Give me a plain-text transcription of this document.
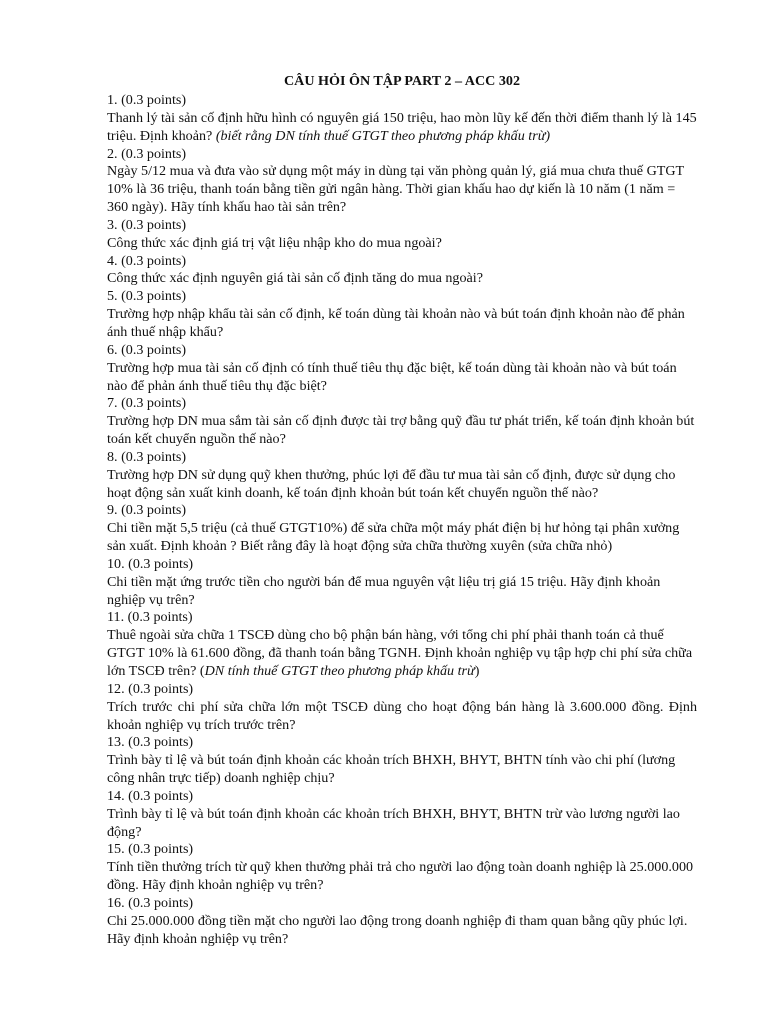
CÂU HỎI ÔN TẬP PART 2 – ACC 302
1. (0.3 points)
Thanh lý tài sản cố định hữu hình có nguyên giá 150 triệu, hao mòn lũy kế đến thời điểm thanh lý là 145 triệu. Định khoản? (biết rằng DN tính thuế GTGT theo phương pháp khấu trừ)
2. (0.3 points)
Ngày 5/12 mua và đưa vào sử dụng một máy in dùng tại văn phòng quản lý, giá mua chưa thuế GTGT 10% là 36 triệu, thanh toán bằng tiền gửi ngân hàng. Thời gian khấu hao dự kiến là 10 năm (1 năm = 360 ngày). Hãy tính khấu hao tài sản trên?
3. (0.3 points)
Công thức xác định giá trị vật liệu nhập kho do mua ngoài?
4. (0.3 points)
Công thức xác định nguyên giá tài sản cố định tăng do mua ngoài?
5. (0.3 points)
Trường hợp nhập khẩu tài sản cố định, kế toán dùng tài khoản nào và bút toán định khoản nào để phản ánh thuế nhập khẩu?
6. (0.3 points)
Trường hợp mua tài sản cố định có tính thuế tiêu thụ đặc biệt, kế toán dùng tài khoản nào và bút toán nào để phản ánh thuế tiêu thụ đặc biệt?
7. (0.3 points)
Trường hợp DN mua sắm tài sản cố định được tài trợ bằng quỹ đầu tư phát triển, kế toán định khoản bút toán kết chuyển nguồn thế nào?
8. (0.3 points)
Trường hợp DN sử dụng quỹ khen thưởng, phúc lợi để đầu tư mua tài sản cố định, được sử dụng cho hoạt động sản xuất kinh doanh, kế toán định khoản bút toán kết chuyển nguồn thế nào?
9. (0.3 points)
Chi tiền mặt 5,5 triệu (cả thuế GTGT10%) để sửa chữa một máy phát điện bị hư hỏng tại phân xưởng sản xuất. Định khoản ? Biết rằng đây là hoạt động sửa chữa thường xuyên (sửa chữa nhỏ)
10. (0.3 points)
Chi tiền mặt ứng trước tiền cho người bán để mua nguyên vật liệu trị giá 15 triệu. Hãy định khoản nghiệp vụ trên?
11. (0.3 points)
Thuê ngoài sửa chữa 1 TSCĐ dùng cho bộ phận bán hàng, với tổng chi phí phải thanh toán cả thuế GTGT 10% là 61.600 đồng, đã thanh toán bằng TGNH. Định khoản nghiệp vụ tập hợp chi phí sửa chữa lớn TSCĐ trên? (DN tính thuế GTGT theo phương pháp khấu trừ)
12. (0.3 points)
Trích trước chi phí sửa chữa lớn một TSCĐ dùng cho hoạt động bán hàng là 3.600.000 đồng. Định khoản nghiệp vụ trích trước trên?
13. (0.3 points)
Trình bày tỉ lệ và bút toán định khoản các khoản trích BHXH, BHYT, BHTN tính vào chi phí (lương công nhân trực tiếp) doanh nghiệp chịu?
14. (0.3 points)
Trình bày tỉ lệ và bút toán định khoản các khoản trích BHXH, BHYT, BHTN trừ vào lương người lao động?
15. (0.3 points)
Tính tiền thưởng trích từ quỹ khen thưởng phải trả cho người lao động toàn doanh nghiệp là 25.000.000 đồng. Hãy định khoản nghiệp vụ trên?
16. (0.3 points)
Chi 25.000.000 đồng tiền mặt cho người lao động trong doanh nghiệp đi tham quan bằng qũy phúc lợi. Hãy định khoản nghiệp vụ trên?
